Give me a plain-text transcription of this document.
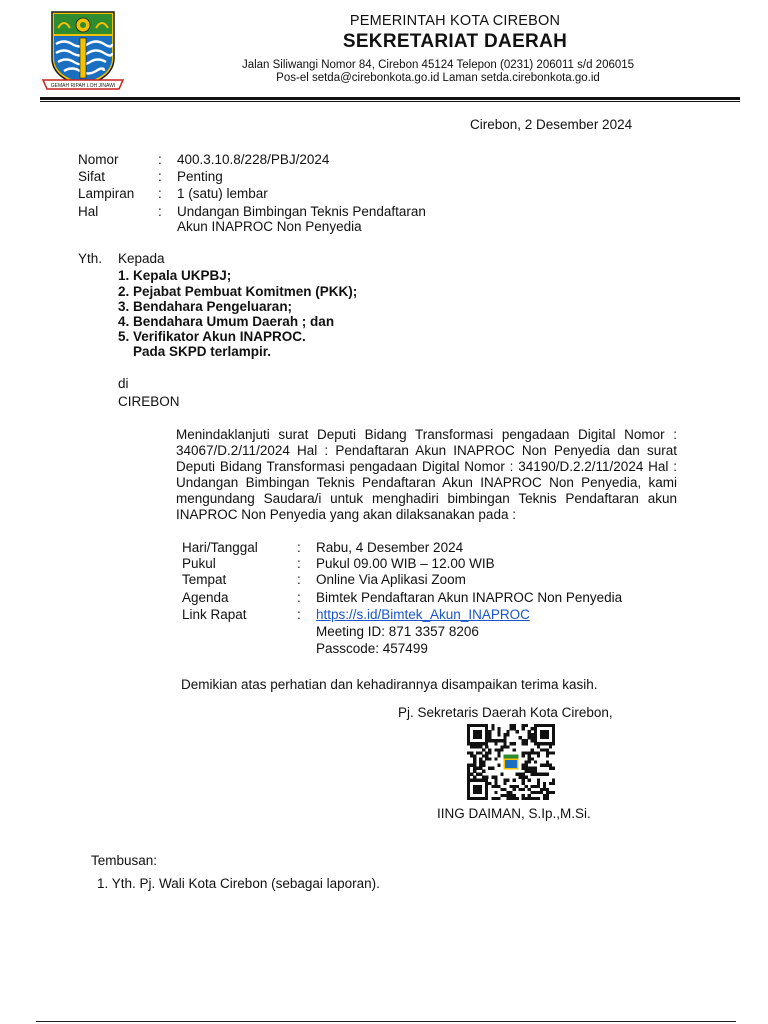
GEMAH RIPAH LOH JINAWI
PEMERINTAH KOTA CIREBON
SEKRETARIAT DAERAH
Jalan Siliwangi Nomor 84, Cirebon 45124 Telepon (0231) 206011 s/d 206015
Pos-el setda@cirebonkota.go.id Laman setda.cirebonkota.go.id
Cirebon, 2 Desember 2024
Nomor	: 400.3.10.8/228/PBJ/2024
Sifat	: Penting
Lampiran : 1 (satu) lembar
Hal	: Undangan Bimbingan Teknis Pendaftaran
Akun INAPROC Non Penyedia
Yth. Kepada
1. Kepala UKPBJ;
2. Pejabat Pembuat Komitmen (PKK);
3. Bendahara Pengeluaran;
4. Bendahara Umum Daerah ; dan
5. Verifikator Akun INAPROC.
Pada SKPD terlampir.
di
CIREBON
Menindaklanjuti surat Deputi Bidang Transformasi pengadaan Digital Nomor : 34067/D.2/11/2024 Hal : Pendaftaran Akun INAPROC Non Penyedia dan surat Deputi Bidang Transformasi pengadaan Digital Nomor : 34190/D.2.2/11/2024 Hal : Undangan Bimbingan Teknis Pendaftaran Akun INAPROC Non Penyedia, kami mengundang Saudara/i untuk menghadiri bimbingan Teknis Pendaftaran akun INAPROC Non Penyedia yang akan dilaksanakan pada :
Hari/Tanggal	: Rabu, 4 Desember 2024
Pukul	: Pukul 09.00 WIB – 12.00 WIB
Tempat	: Online Via Aplikasi Zoom
Agenda	: Bimtek Pendaftaran Akun INAPROC Non Penyedia
Link Rapat	: https://s.id/Bimtek_Akun_INAPROC
Meeting ID: 871 3357 8206
Passcode: 457499
Demikian atas perhatian dan kehadirannya disampaikan terima kasih.
Pj. Sekretaris Daerah Kota Cirebon,
IING DAIMAN, S.Ip.,M.Si.
Tembusan:
1. Yth. Pj. Wali Kota Cirebon (sebagai laporan).
